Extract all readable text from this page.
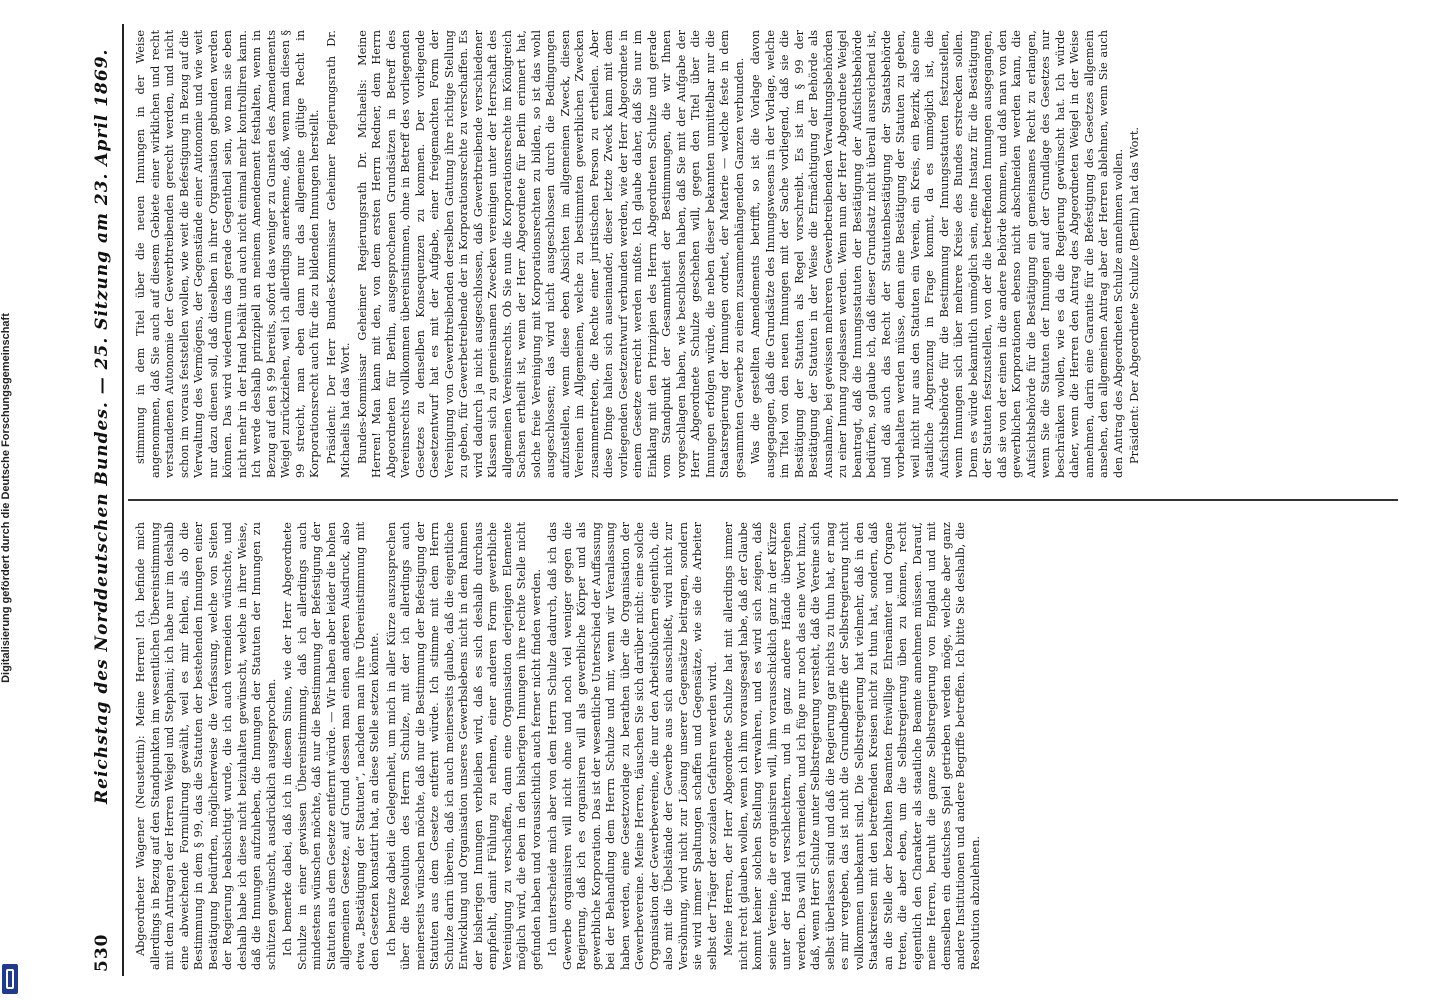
Digitalisierung gefördert durch die Deutsche Forschungsgemeinschaft
530
Reichstag des Norddeutschen Bundes. — 25. Sitzung am 23. April 1869. Abgeordneter Wagener (Neustettin): Meine Herren! Ich befinde mich allerdings in Bezug auf den Standpunkten im wesentlichen Übereinstimmung mit dem Antragen der Herren Weigel und Stephani; ich habe nur im deshalb eine abweichende Formulirung gewählt, weil es mir fehlen, als ob die Bestimmung in dem § 99, das die Statuten der bestehenden Innungen einer Bestätigung bedürften, möglicherweise die Verfassung, welche von Seiten der Regierung beabsichtigt wurde, die ich auch vermeiden wünschte, und deshalb habe ich diese nicht beizuhalten gewünscht, welche in ihrer Weise, daß die Innungen aufzuheben, die Innungen der Statuten der Innungen zu schützen gewünscht, ausdrücklich ausgesprochen. Ich bemerke dabei, daß ich in diesem Sinne, wie der Herr Abgeordnete Schulze in einer gewissen Übereinstimmung, daß ich allerdings auch mindestens wünschen möchte, daß nur die Bestimmung der Befestigung der Statuten aus dem Gesetze entfernt würde. — Wir haben aber leider die hohen allgemeinen Gesetze, auf Grund dessen man einen anderen Ausdruck, also etwa „Bestätigung der Statuten“, nachdem man ihre Übereinstimmung mit den Gesetzen konstatirt hat, an diese Stelle setzen könnte. Ich benutze dabei die Gelegenheit, um mich in aller Kürze auszusprechen über die Resolution des Herrn Schulze, mit der ich allerdings auch meinerseits wünschen möchte, daß nur die Bestimmung der Befestigung der Statuten aus dem Gesetze entfernt würde. Ich stimme mit dem Herrn Schulze darin überein, daß ich auch meinerseits glaube, daß die eigentliche Entwicklung und Organisation unseres Gewerbslebens nicht in dem Rahmen der bisherigen Innungen verbleiben wird, daß es sich deshalb durchaus empfiehlt, damit Fühlung zu nehmen, einer anderen Form gewerbliche Vereinigung zu verschaffen, dann eine Organisation derjenigen Elemente möglich wird, die eben in den bisherigen Innungen ihre rechte Stelle nicht gefunden haben und voraussichtlich auch ferner nicht finden werden. Ich unterscheide mich aber von dem Herrn Schulze dadurch, daß ich das Gewerbe organisiren will nicht ohne und noch viel weniger gegen die Regierung, daß ich es organisiren will als gewerbliche Körper und als gewerbliche Korporation. Das ist der wesentliche Unterschied der Auffassung bei der Behandlung dem Herrn Schulze und mir, wenn wir Veranlassung haben werden, eine Gesetzvorlage zu berathen über die Organisation der Gewerbevereine. Meine Herren, täuschen Sie sich darüber nicht: eine solche Organisation der Gewerbevereine, die nur den Arbeitsbüchern eigentlich, die also mit die Übelstände der Gewerbe aus sich ausschließt, wird nicht zur Versöhnung, wird nicht zur Lösung unserer Gegensätze beitragen, sondern sie wird immer Spaltungen schaffen und Gegensätze, wie sie die Arbeiter selbst der Träger der sozialen Gefahren werden wird. Meine Herren, der Herr Abgeordnete Schulze hat mit allerdings immer nicht recht glauben wollen, wenn ich ihm vorausgesagt habe, daß der Glaube kommt keiner solchen Stellung verwahren, und es wird sich zeigen, daß seine Vereine, die er organisiren will, ihm vorausschicklich ganz in der Kürze unter der Hand verschlechtern, und in ganz andere Hände übergehen werden. Das will ich vermeiden, und ich füge nur noch das eine Wort hinzu, daß, wenn Herr Schulze unter Selbstregierung versteht, daß die Vereine sich selbst überlassen sind und daß die Regierung gar nichts zu thun hat, er mag es mir vergeben, das ist nicht die Grundbegriffe der Selbstregierung nicht vollkommen unbekannt sind. Die Selbstregierung hat vielmehr, daß in den Staatskreisen mit den betreffenden Kreisen nicht zu thun hat, sondern, daß an die Stelle der bezahlten Beamten freiwillige Ehrenämter und Organe treten, die aber eben, um die Selbstregierung üben zu können, recht eigentlich den Charakter als staatliche Beamte annehmen müssen. Darauf, meine Herren, beruht die ganze Selbstregierung von England und mit demselben ein deutsches Spiel getrieben werden möge, welche aber ganz andere Institutionen und andere Begriffe betreffen. Ich bitte Sie deshalb, die Resolution abzulehnen.

stimmung in dem Titel über die neuen Innungen in der Weise angenommen, daß Sie auch auf diesem Gebiete einer wirklichen und recht verstandenen Autonomie der Gewerbtreibenden gerecht werden, und nicht schon im voraus feststellen wollen, wie weit die Befestigung in Bezug auf die Verwaltung des Vermögens, der Gegenstände einer Autonomie und wie weit nur dazu dienen soll, daß dieselben in ihrer Organisation gebunden werden können. Das wird wiederum das gerade Gegentheil sein, wo man sie eben nicht mehr in der Hand behält und auch nicht einmal mehr kontrolliren kann. Ich werde deshalb prinzipiell an meinem Amendement festhalten, wenn in Bezug auf den § 99 bereits, sofort das weniger zu Gunsten des Amendements Weigel zurückziehen, weil ich allerdings anerkenne, daß, wenn man diesen § 99 streicht, man eben dann nur das allgemeine gültige Recht in Korporationsrecht auch für die zu bildenden Innungen herstellt. Präsident: Der Herr Bundes-Kommissar Geheimer Regierungsrath Dr. Michaelis hat das Wort. Bundes-Kommissar Geheimer Regierungsrath Dr. Michaelis: Meine Herren! Man kann mit den, von dem ersten Herrn Redner, dem Herrn Abgeordneten für Berlin, ausgesprochenen Grundsätzen in Betreff des Vereinsrechts vollkommen übereinstimmen, ohne in Betreff des vorliegenden Gesetzes zu denselben Konsequenzen zu kommen. Der vorliegende Gesetzentwurf hat es mit der Aufgabe, einer freigemachten Form der Vereinigung von Gewerbtreibenden derselben Gattung ihre richtige Stellung zu geben, für Gewerbetreibende der in Korporationsrechte zu verschaffen. Es wird dadurch ja nicht ausgeschlossen, daß Gewerbtreibende verschiedener Klassen sich zu gemeinsamen Zwecken vereinigen unter der Herrschaft des allgemeinen Vereinsrechts. Ob Sie nun die Korporationsrechte im Königreich Sachsen ertheilt ist, wenn der Herr Abgeordnete für Berlin erinnert hat, solche freie Vereinigung mit Korporationsrechten zu bilden, so ist das wohl ausgeschlossen; das wird nicht ausgeschlossen durch die Bedingungen aufzustellen, wenn diese eben Absichten im allgemeinen Zweck, diesen Vereinen im Allgemeinen, welche zu bestimmten gewerblichen Zwecken zusammentreten, die Rechte einer juristischen Person zu ertheilen. Aber diese Dinge halten sich auseinander, dieser letzte Zweck kann mit dem vorliegenden Gesetzentwurf verbunden werden, wie der Herr Abgeordnete in einem Gesetze erreicht werden mußte. Ich glaube daher, daß Sie nur im Einklang mit den Prinzipien des Herrn Abgeordneten Schulze und gerade vom Standpunkt der Gesammtheit der Bestimmungen, die wir Ihnen vorgeschlagen haben, wie beschlossen haben, daß Sie mit der Aufgabe der Herr Abgeordnete Schulze geschehen will, gegen den Titel über die Innungen erfolgen würde, die neben dieser bekannten unmittelbar nur die Staatsregierung der Innungen ordnet, der Materie — welche feste in dem gesammten Gewerbe zu einem zusammenhängenden Ganzen verbunden. Was die gestellten Amendements betrifft, so ist die Vorlage davon ausgegangen, daß die Grundsätze des Innungswesens in der Vorlage, welche im Titel von den neuen Innungen mit der Sache vorliegend, daß sie die Bestätigung der Statuten als Regel vorschreibt. Es ist im § 99 der Bestätigung der Statuten in der Weise die Ermächtigung der Behörde als Ausnahme, bei gewissen mehreren Gewerbetreibenden Verwaltungsbehörden zu einer Innung zugelassen werden. Wenn nun der Herr Abgeordnete Weigel beantragt, daß die Innungsstatuten der Bestätigung der Aufsichtsbehörde bedürfen, so glaube ich, daß dieser Grundsatz nicht überall ausreichend ist, und daß auch das Recht der Statutenbestätigung der Staatsbehörde vorbehalten werden müsse, denn eine Bestätigung der Statuten zu geben, weil nicht nur aus den Statuten ein Verein, ein Kreis, ein Bezirk, also eine staatliche Abgrenzung in Frage kommt, da es unmöglich ist, die Aufsichtsbehörde für die Bestimmung der Innungsstatuten festzustellen, wenn Innungen sich über mehrere Kreise des Bundes erstrecken sollen. Denn es würde bekanntlich unmöglich sein, eine Instanz für die Bestätigung der Statuten festzustellen, von der die betreffenden Innungen ausgegangen, daß sie von der einen in die andere Behörde kommen, und daß man von den gewerblichen Korporationen ebenso nicht abschneiden werden kann, die Aufsichtsbehörde für die Bestätigung ein gemeinsames Recht zu erlangen, wenn Sie die Statuten der Innungen auf der Grundlage des Gesetzes nur beschränken wollen, wie es da die Regierung gewünscht hat. Ich würde daher, wenn die Herren den Antrag des Abgeordneten Weigel in der Weise annehmen, darin eine Garantie für die Befestigung des Gesetzes allgemein ansehen, den allgemeinen Antrag aber der Herren ablehnen, wenn Sie auch den Antrag des Abgeordneten Schulze annehmen wollen. Präsident: Der Abgeordnete Schulze (Berlin) hat das Wort.
